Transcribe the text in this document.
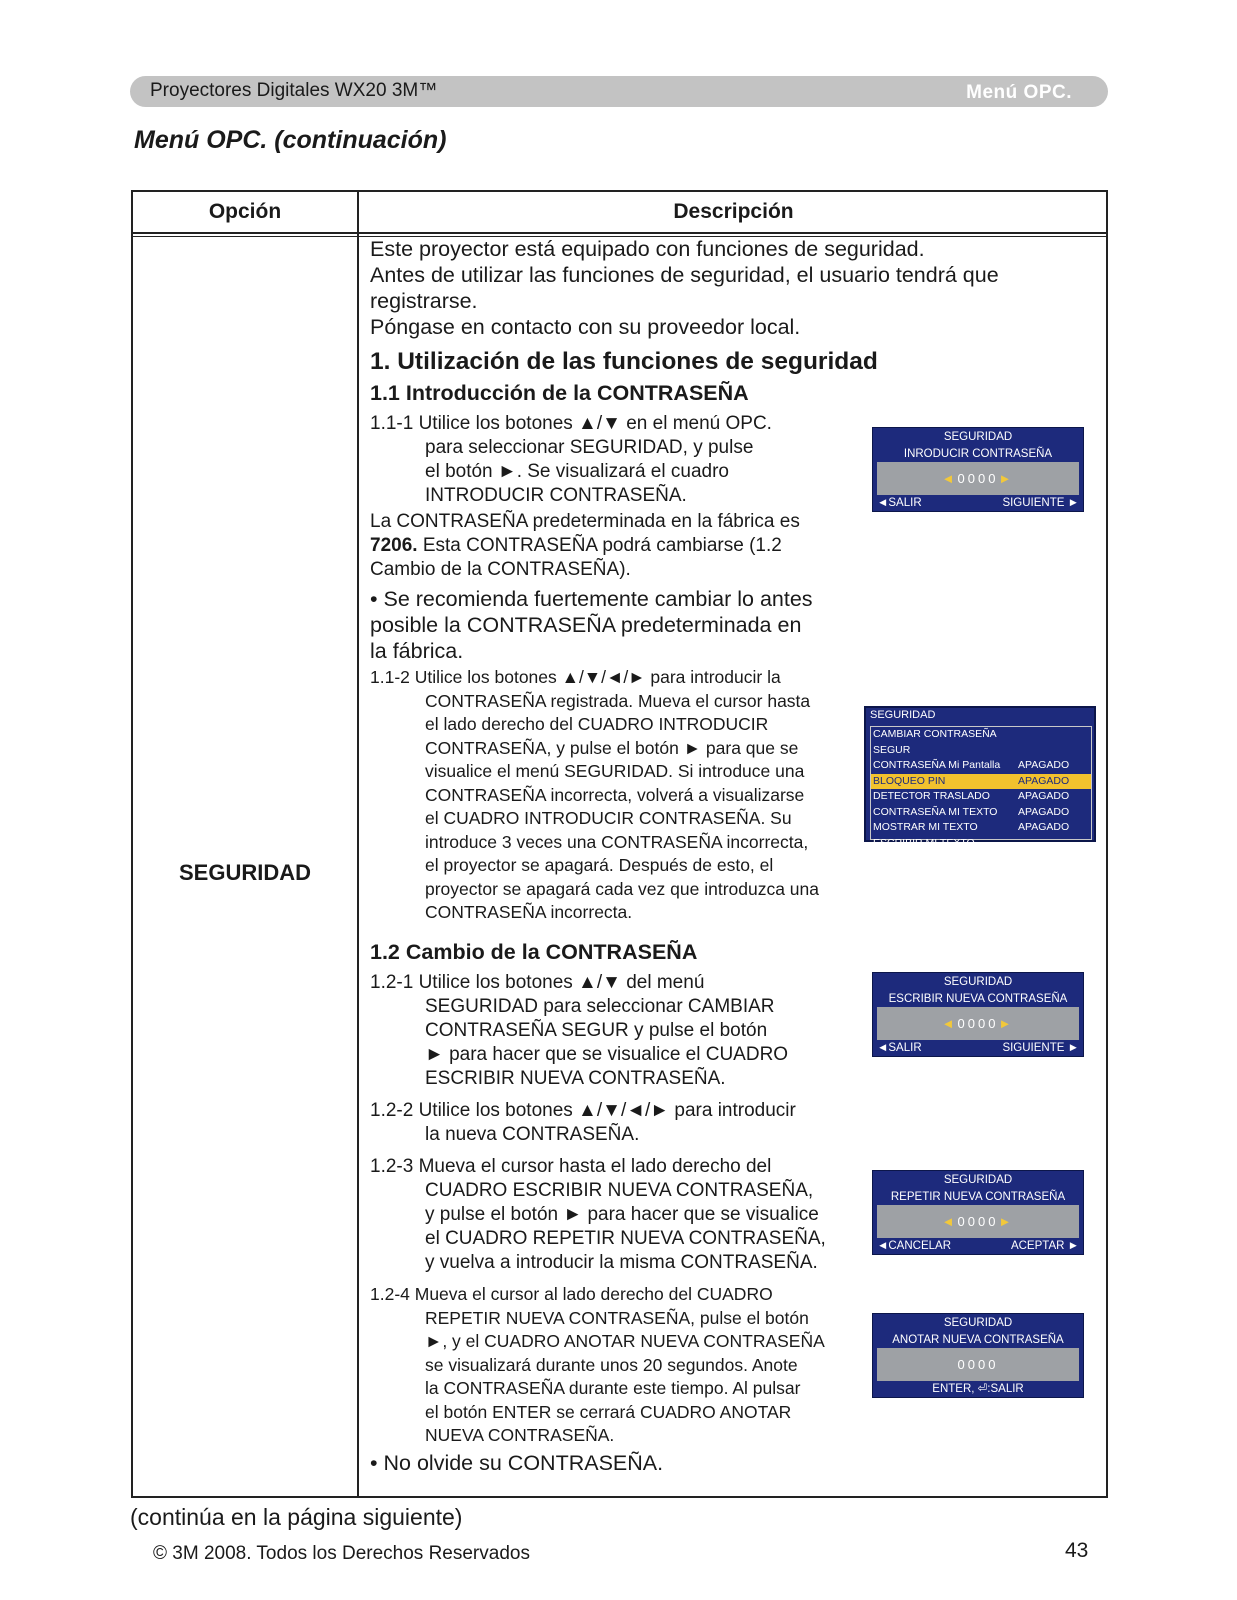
Proyectores Digitales WX20 3M™	Menú OPC.
Menú OPC. (continuación)
Opción	Descripción
SEGURIDAD
Este proyector está equipado con funciones de seguridad.
Antes de utilizar las funciones de seguridad, el usuario tendrá que
registrarse.
Póngase en contacto con su proveedor local.
1. Utilización de las funciones de seguridad
1.1 Introducción de la CONTRASEÑA
1.1-1 Utilice los botones ▲/▼ en el menú OPC.
para seleccionar SEGURIDAD, y pulse
el botón ►. Se visualizará el cuadro
INTRODUCIR CONTRASEÑA.
La CONTRASEÑA predeterminada en la fábrica es
7206. Esta CONTRASEÑA podrá cambiarse (1.2
Cambio de la CONTRASEÑA).
• Se recomienda fuertemente cambiar lo antes
posible la CONTRASEÑA predeterminada en
la fábrica.
1.1-2 Utilice los botones ▲/▼/◄/► para introducir la
CONTRASEÑA registrada. Mueva el cursor hasta
el lado derecho del CUADRO INTRODUCIR
CONTRASEÑA, y pulse el botón ► para que se
visualice el menú SEGURIDAD. Si introduce una
CONTRASEÑA incorrecta, volverá a visualizarse
el CUADRO INTRODUCIR CONTRASEÑA. Su
introduce 3 veces una CONTRASEÑA incorrecta,
el proyector se apagará. Después de esto, el
proyector se apagará cada vez que introduzca una
CONTRASEÑA incorrecta.
1.2 Cambio de la CONTRASEÑA
1.2-1 Utilice los botones ▲/▼ del menú
SEGURIDAD para seleccionar CAMBIAR
CONTRASEÑA SEGUR y pulse el botón
► para hacer que se visualice el CUADRO
ESCRIBIR NUEVA CONTRASEÑA.
1.2-2 Utilice los botones ▲/▼/◄/► para introducir
la nueva CONTRASEÑA.
1.2-3 Mueva el cursor hasta el lado derecho del
CUADRO ESCRIBIR NUEVA CONTRASEÑA,
y pulse el botón ► para hacer que se visualice
el CUADRO REPETIR NUEVA CONTRASEÑA,
y vuelva a introducir la misma CONTRASEÑA.
1.2-4 Mueva el cursor al lado derecho del CUADRO
REPETIR NUEVA CONTRASEÑA, pulse el botón
►, y el CUADRO ANOTAR NUEVA CONTRASEÑA
se visualizará durante unos 20 segundos. Anote
la CONTRASEÑA durante este tiempo. Al pulsar
el botón ENTER se cerrará CUADRO ANOTAR
NUEVA CONTRASEÑA.
• No olvide su CONTRASEÑA.
SEGURIDAD
INRODUCIR CONTRASEÑA
◄0000►
◄SALIR	SIGUIENTE ►
SEGURIDAD
CAMBIAR CONTRASEÑA SEGUR
CONTRASEÑA Mi Pantalla	APAGADO
BLOQUEO PIN	APAGADO
DETECTOR TRASLADO	APAGADO
CONTRASEÑA MI TEXTO	APAGADO
MOSTRAR MI TEXTO	APAGADO
ESCRIBIR MI TEXTO
SEGURIDAD
ESCRIBIR NUEVA CONTRASEÑA
◄0000►
◄SALIR	SIGUIENTE ►
SEGURIDAD
REPETIR NUEVA CONTRASEÑA
◄0000►
◄CANCELAR	ACEPTAR ►
SEGURIDAD
ANOTAR NUEVA CONTRASEÑA
0000
ENTER, ⏎:SALIR
(continúa en la página siguiente)
© 3M 2008. Todos los Derechos Reservados	43
